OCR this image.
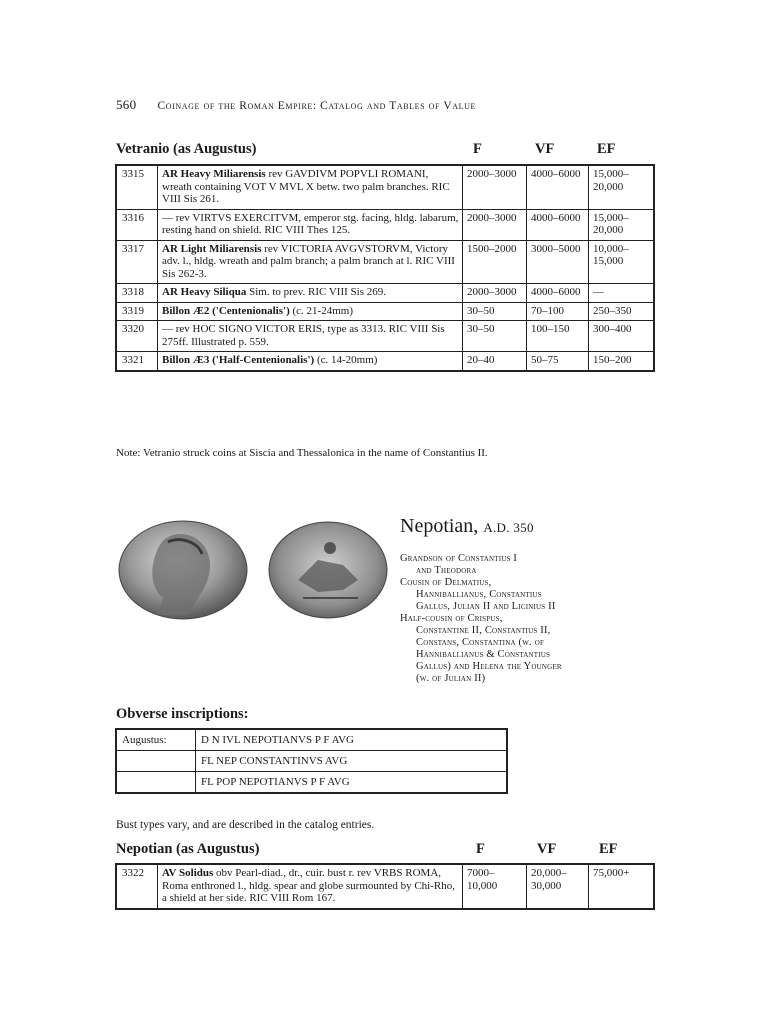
560 Coinage of the Roman Empire: Catalog and Tables of Value
Vetranio (as Augustus)	F	VF	EF
3315	AR Heavy Miliarensis rev GAVDIVM POPVLI ROMANI, wreath containing VOT V MVL X betw. two palm branches. RIC VIII Sis 261.	2000–3000	4000–6000	15,000–20,000
3316	— rev VIRTVS EXERCITVM, emperor stg. facing, hldg. labarum, resting hand on shield. RIC VIII Thes 125.	2000–3000	4000–6000	15,000–20,000
3317	AR Light Miliarensis rev VICTORIA AVGVSTORVM, Victory adv. l., hldg. wreath and palm branch; a palm branch at l. RIC VIII Sis 262-3.	1500–2000	3000–5000	10,000–15,000
3318	AR Heavy Siliqua Sim. to prev. RIC VIII Sis 269.	2000–3000	4000–6000	—
3319	Billon Æ2 ('Centenionalis') (c. 21-24mm)	30–50	70–100	250–350
3320	— rev HOC SIGNO VICTOR ERIS, type as 3313. RIC VIII Sis 275ff. Illustrated p. 559.	30–50	100–150	300–400
3321	Billon Æ3 ('Half-Centenionalis') (c. 14-20mm)	20–40	50–75	150–200
Note: Vetranio struck coins at Siscia and Thessalonica in the name of Constantius II.
Nepotian, A.D. 350
Grandson of Constantius I
and Theodora
Cousin of Delmatius,
Hanniballianus, Constantius
Gallus, Julian II and Licinius II
Half-cousin of Crispus,
Constantine II, Constantius II,
Constans, Constantina (w. of
Hanniballianus & Constantius
Gallus) and Helena the Younger
(w. of Julian II)
Obverse inscriptions:
Augustus:	D N IVL NEPOTIANVS P F AVG
	FL NEP CONSTANTINVS AVG
	FL POP NEPOTIANVS P F AVG
Bust types vary, and are described in the catalog entries.
Nepotian (as Augustus)	F	VF	EF
3322	AV Solidus obv Pearl-diad., dr., cuir. bust r. rev VRBS ROMA, Roma enthroned l., hldg. spear and globe surmounted by Chi-Rho, a shield at her side. RIC VIII Rom 167.	7000–10,000	20,000–30,000	75,000+
